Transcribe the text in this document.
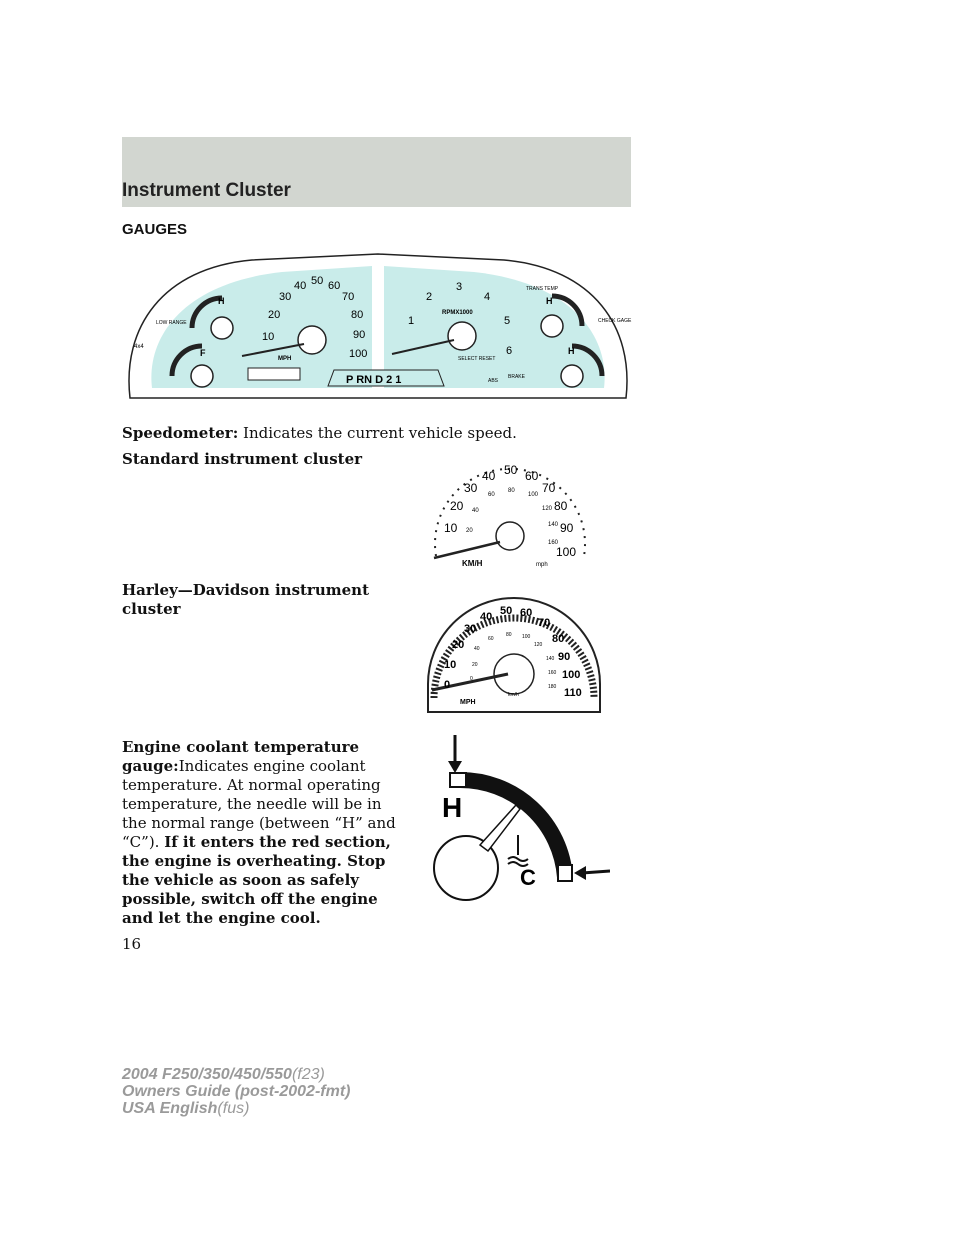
Instrument Cluster
GAUGES
10
20
30
40 50 60
70
80
90
100
MPH
1
2
3
4
5
6
RPMX1000
SELECT RESET
H
F
LOW RANGE
4x4
H
TRANS TEMP
H
CHECK GAGE
P RN D 2 1	ABS
BRAKE
Speedometer: Indicates the current vehicle speed.
Standard instrument cluster
10
20
30
40 50 60
70
80
90
100
20
40
60
80
100
120
140
160
KM/H	mph
Harley—Davidson instrument
cluster
0
10
20
30
40 50 60
70
80
90
100
110
0
20
40
60
80 100
120
140
160
180
MPH
km/h
Engine coolant temperature
gauge:Indicates engine coolant
temperature. At normal operating
temperature, the needle will be in
the normal range (between “H” and
“C”). If it enters the red section,
the engine is overheating. Stop
the vehicle as soon as safely
possible, switch off the engine
and let the engine cool.
H
C
16
2004 F250/350/450/550(f23)
Owners Guide (post-2002-fmt)
USA English(fus)
